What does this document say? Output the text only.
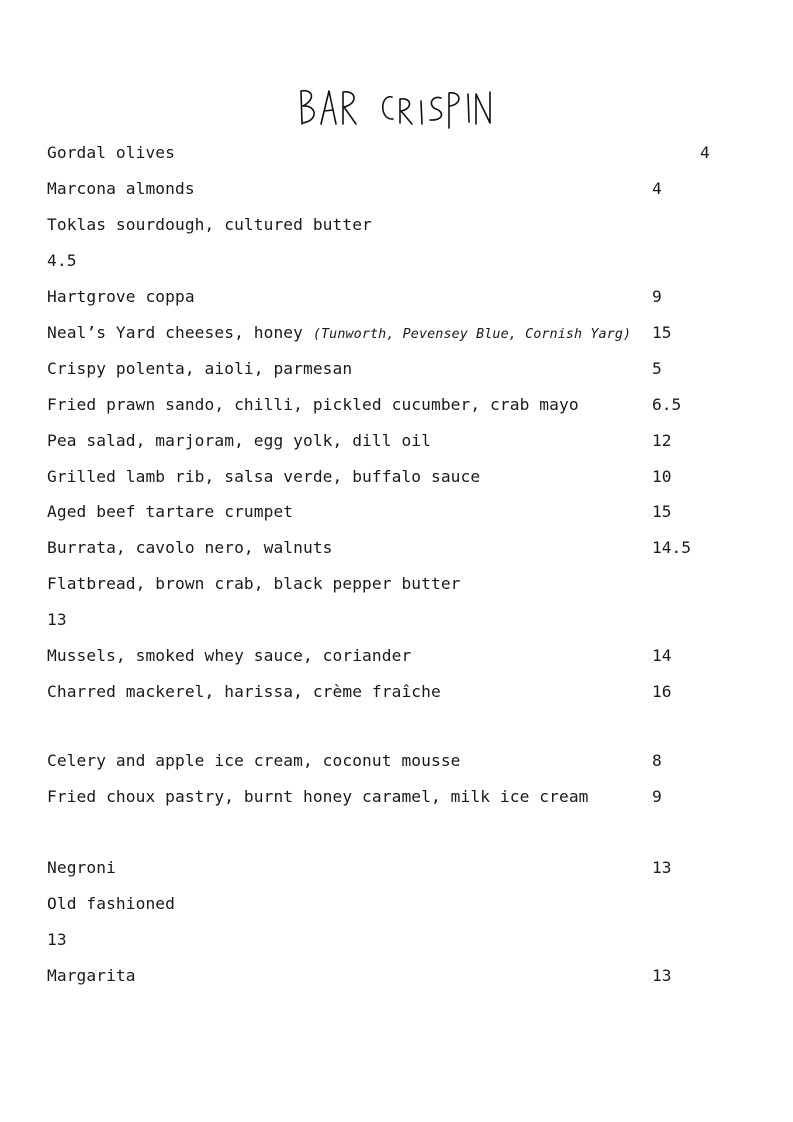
Gordal olives	4
Marcona almonds	4
Toklas sourdough, cultured butter
4.5
Hartgrove coppa	9
Neal’s Yard cheeses, honey (Tunworth, Pevensey Blue, Cornish Yarg) 15
Crispy polenta, aioli, parmesan	5
Fried prawn sando, chilli, pickled cucumber, crab mayo	6.5
Pea salad, marjoram, egg yolk, dill oil	12
Grilled lamb rib, salsa verde, buffalo sauce	10
Aged beef tartare crumpet	15
Burrata, cavolo nero, walnuts	14.5
Flatbread, brown crab, black pepper butter
13
Mussels, smoked whey sauce, coriander	14
Charred mackerel, harissa, crème fraîche	16
Celery and apple ice cream, coconut mousse	8
Fried choux pastry, burnt honey caramel, milk ice cream	9
Negroni	13
Old fashioned
13
Margarita	13
